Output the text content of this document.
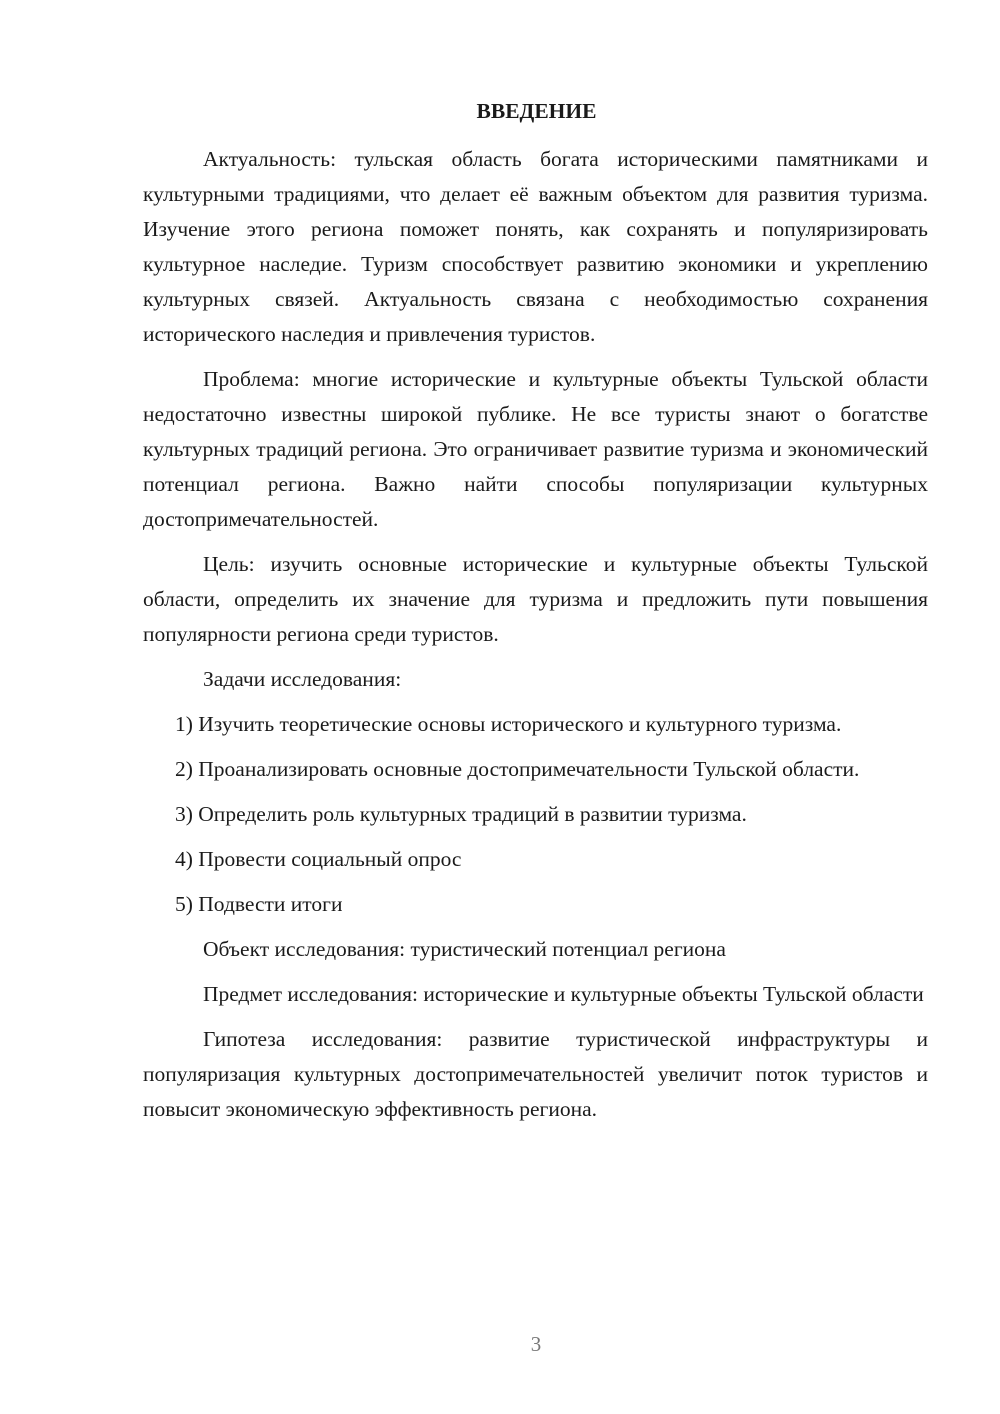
ВВЕДЕНИЕ

Актуальность: тульская область богата историческими памятниками и культурными традициями, что делает её важным объектом для развития туризма. Изучение этого региона поможет понять, как сохранять и популяризировать культурное наследие. Туризм способствует развитию экономики и укреплению культурных связей. Актуальность связана с необходимостью сохранения исторического наследия и привлечения туристов.

Проблема: многие исторические и культурные объекты Тульской области недостаточно известны широкой публике. Не все туристы знают о богатстве культурных традиций региона. Это ограничивает развитие туризма и экономический потенциал региона. Важно найти способы популяризации культурных достопримечательностей.

Цель: изучить основные исторические и культурные объекты Тульской области, определить их значение для туризма и предложить пути повышения популярности региона среди туристов.

Задачи исследования:

1) Изучить теоретические основы исторического и культурного туризма.

2) Проанализировать основные достопримечательности Тульской области.

3) Определить роль культурных традиций в развитии туризма.

4) Провести социальный опрос

5) Подвести итоги

Объект исследования: туристический потенциал региона

Предмет исследования: исторические и культурные объекты Тульской области

Гипотеза исследования: развитие туристической инфраструктуры и популяризация культурных достопримечательностей увеличит поток туристов и повысит экономическую эффективность региона.

3
